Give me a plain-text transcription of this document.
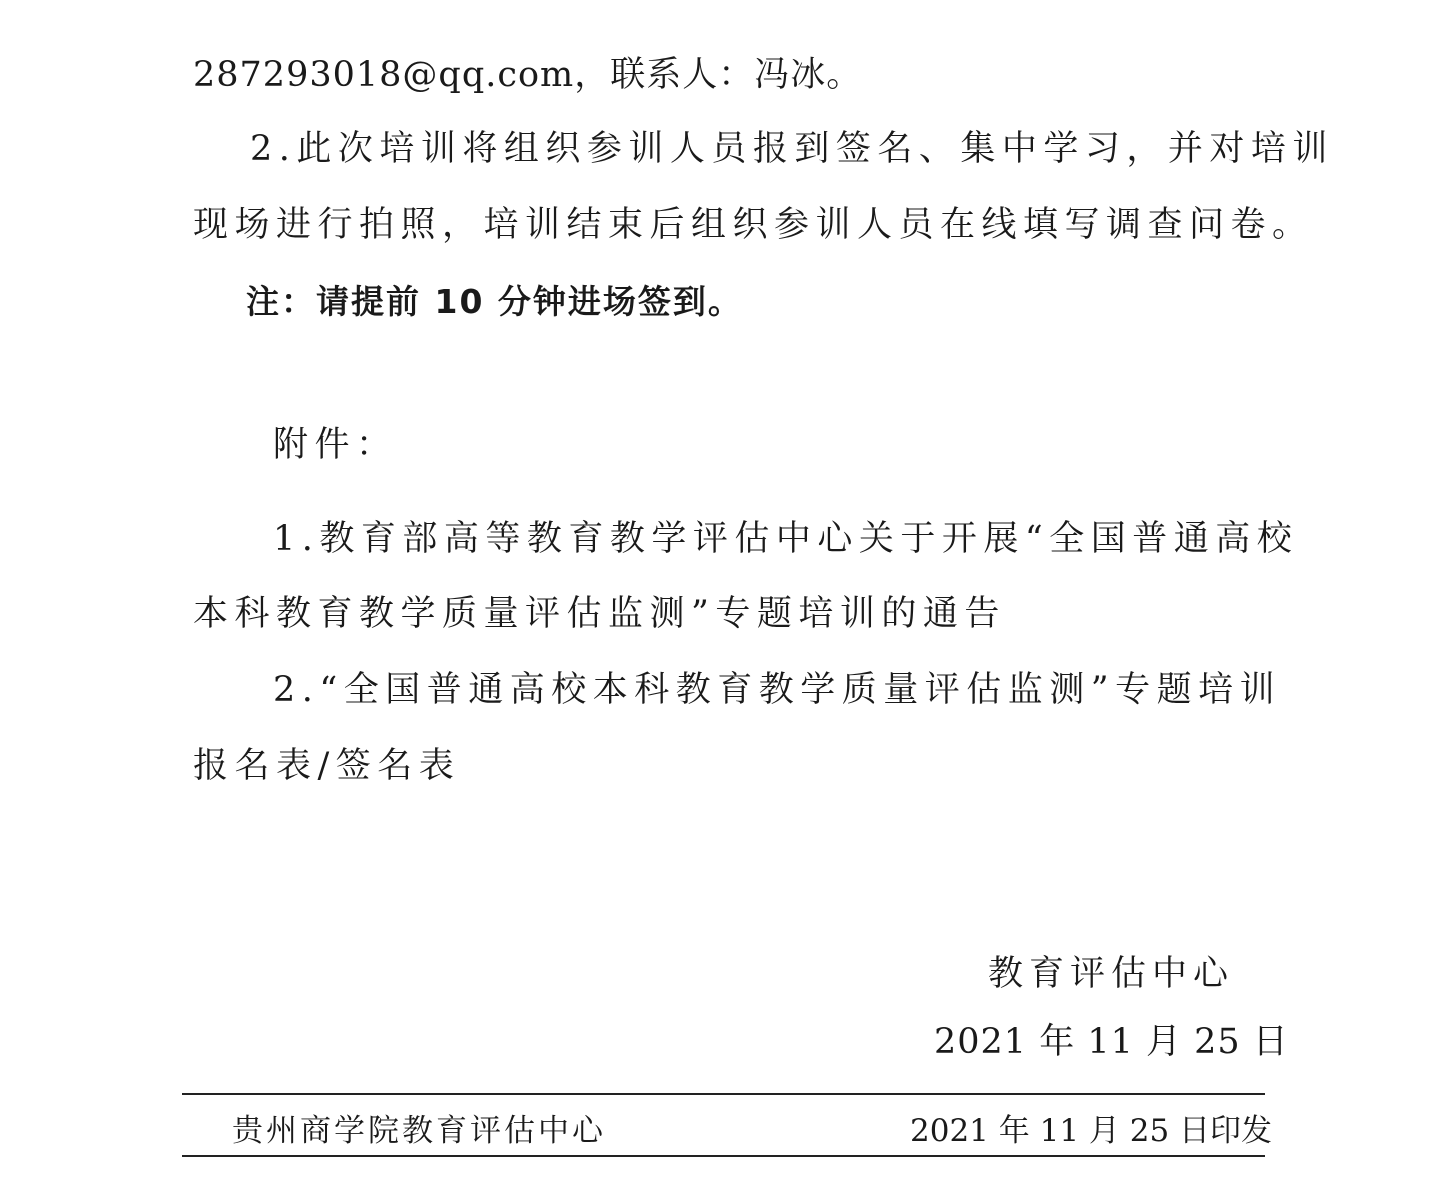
287293018@qq.com，联系人：冯冰。
2.此次培训将组织参训人员报到签名、集中学习，并对培训
现场进行拍照，培训结束后组织参训人员在线填写调查问卷。
注：请提前 10 分钟进场签到。
附件：
1.教育部高等教育教学评估中心关于开展“全国普通高校
本科教育教学质量评估监测”专题培训的通告
2.“全国普通高校本科教育教学质量评估监测”专题培训
报名表/签名表
教育评估中心
2021 年 11 月 25 日
贵州商学院教育评估中心	2021 年 11 月 25 日印发
